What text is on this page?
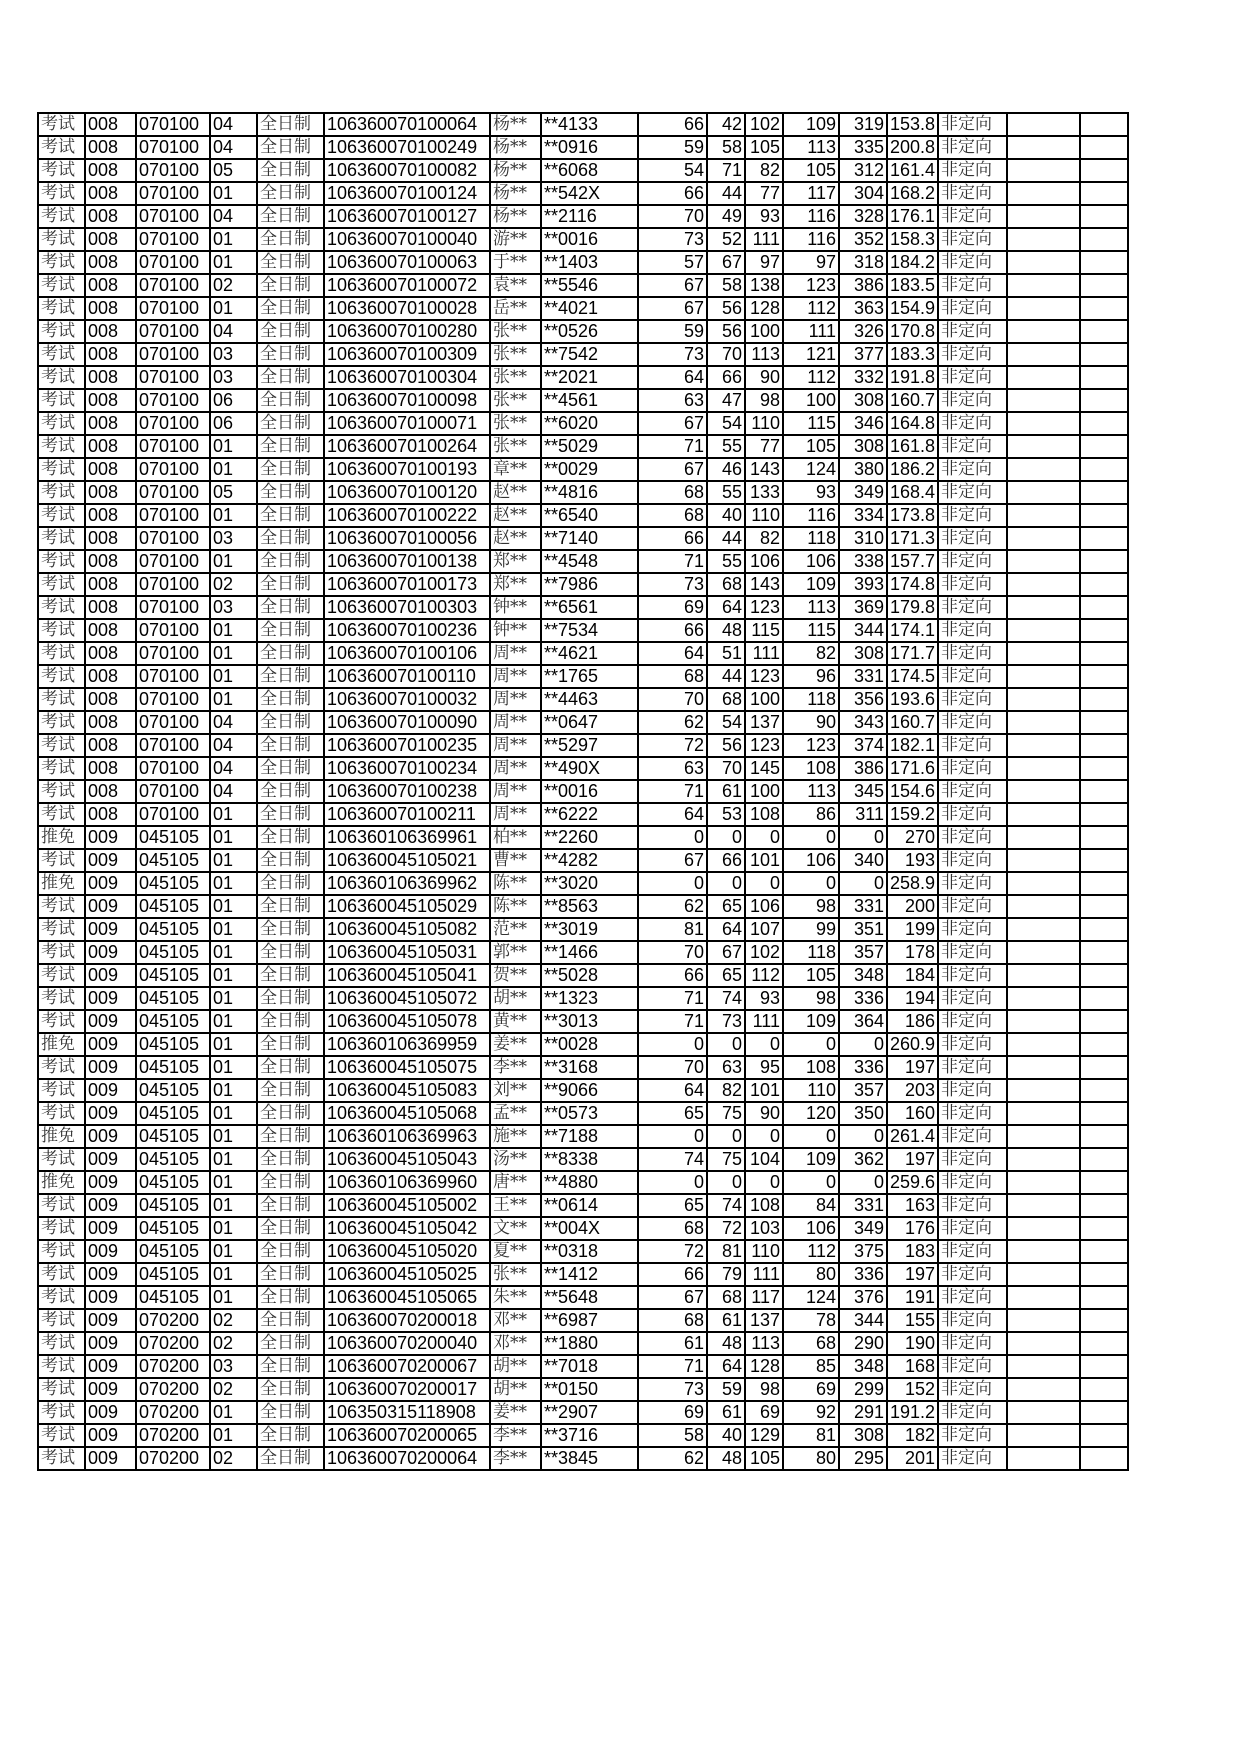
考试	008	070100	04	全日制	106360070100064	杨**	**4133	66	42	102	109	319	153.8	非定向		
考试	008	070100	04	全日制	106360070100249	杨**	**0916	59	58	105	113	335	200.8	非定向		
考试	008	070100	05	全日制	106360070100082	杨**	**6068	54	71	82	105	312	161.4	非定向		
考试	008	070100	01	全日制	106360070100124	杨**	**542X	66	44	77	117	304	168.2	非定向		
考试	008	070100	04	全日制	106360070100127	杨**	**2116	70	49	93	116	328	176.1	非定向		
考试	008	070100	01	全日制	106360070100040	游**	**0016	73	52	111	116	352	158.3	非定向		
考试	008	070100	01	全日制	106360070100063	于**	**1403	57	67	97	97	318	184.2	非定向		
考试	008	070100	02	全日制	106360070100072	袁**	**5546	67	58	138	123	386	183.5	非定向		
考试	008	070100	01	全日制	106360070100028	岳**	**4021	67	56	128	112	363	154.9	非定向		
考试	008	070100	04	全日制	106360070100280	张**	**0526	59	56	100	111	326	170.8	非定向		
考试	008	070100	03	全日制	106360070100309	张**	**7542	73	70	113	121	377	183.3	非定向		
考试	008	070100	03	全日制	106360070100304	张**	**2021	64	66	90	112	332	191.8	非定向		
考试	008	070100	06	全日制	106360070100098	张**	**4561	63	47	98	100	308	160.7	非定向		
考试	008	070100	06	全日制	106360070100071	张**	**6020	67	54	110	115	346	164.8	非定向		
考试	008	070100	01	全日制	106360070100264	张**	**5029	71	55	77	105	308	161.8	非定向		
考试	008	070100	01	全日制	106360070100193	章**	**0029	67	46	143	124	380	186.2	非定向		
考试	008	070100	05	全日制	106360070100120	赵**	**4816	68	55	133	93	349	168.4	非定向		
考试	008	070100	01	全日制	106360070100222	赵**	**6540	68	40	110	116	334	173.8	非定向		
考试	008	070100	03	全日制	106360070100056	赵**	**7140	66	44	82	118	310	171.3	非定向		
考试	008	070100	01	全日制	106360070100138	郑**	**4548	71	55	106	106	338	157.7	非定向		
考试	008	070100	02	全日制	106360070100173	郑**	**7986	73	68	143	109	393	174.8	非定向		
考试	008	070100	03	全日制	106360070100303	钟**	**6561	69	64	123	113	369	179.8	非定向		
考试	008	070100	01	全日制	106360070100236	钟**	**7534	66	48	115	115	344	174.1	非定向		
考试	008	070100	01	全日制	106360070100106	周**	**4621	64	51	111	82	308	171.7	非定向		
考试	008	070100	01	全日制	106360070100110	周**	**1765	68	44	123	96	331	174.5	非定向		
考试	008	070100	01	全日制	106360070100032	周**	**4463	70	68	100	118	356	193.6	非定向		
考试	008	070100	04	全日制	106360070100090	周**	**0647	62	54	137	90	343	160.7	非定向		
考试	008	070100	04	全日制	106360070100235	周**	**5297	72	56	123	123	374	182.1	非定向		
考试	008	070100	04	全日制	106360070100234	周**	**490X	63	70	145	108	386	171.6	非定向		
考试	008	070100	04	全日制	106360070100238	周**	**0016	71	61	100	113	345	154.6	非定向		
考试	008	070100	01	全日制	106360070100211	周**	**6222	64	53	108	86	311	159.2	非定向		
推免	009	045105	01	全日制	106360106369961	柏**	**2260	0	0	0	0	0	270	非定向		
考试	009	045105	01	全日制	106360045105021	曹**	**4282	67	66	101	106	340	193	非定向		
推免	009	045105	01	全日制	106360106369962	陈**	**3020	0	0	0	0	0	258.9	非定向		
考试	009	045105	01	全日制	106360045105029	陈**	**8563	62	65	106	98	331	200	非定向		
考试	009	045105	01	全日制	106360045105082	范**	**3019	81	64	107	99	351	199	非定向		
考试	009	045105	01	全日制	106360045105031	郭**	**1466	70	67	102	118	357	178	非定向		
考试	009	045105	01	全日制	106360045105041	贺**	**5028	66	65	112	105	348	184	非定向		
考试	009	045105	01	全日制	106360045105072	胡**	**1323	71	74	93	98	336	194	非定向		
考试	009	045105	01	全日制	106360045105078	黄**	**3013	71	73	111	109	364	186	非定向		
推免	009	045105	01	全日制	106360106369959	姜**	**0028	0	0	0	0	0	260.9	非定向		
考试	009	045105	01	全日制	106360045105075	李**	**3168	70	63	95	108	336	197	非定向		
考试	009	045105	01	全日制	106360045105083	刘**	**9066	64	82	101	110	357	203	非定向		
考试	009	045105	01	全日制	106360045105068	孟**	**0573	65	75	90	120	350	160	非定向		
推免	009	045105	01	全日制	106360106369963	施**	**7188	0	0	0	0	0	261.4	非定向		
考试	009	045105	01	全日制	106360045105043	汤**	**8338	74	75	104	109	362	197	非定向		
推免	009	045105	01	全日制	106360106369960	唐**	**4880	0	0	0	0	0	259.6	非定向		
考试	009	045105	01	全日制	106360045105002	王**	**0614	65	74	108	84	331	163	非定向		
考试	009	045105	01	全日制	106360045105042	文**	**004X	68	72	103	106	349	176	非定向		
考试	009	045105	01	全日制	106360045105020	夏**	**0318	72	81	110	112	375	183	非定向		
考试	009	045105	01	全日制	106360045105025	张**	**1412	66	79	111	80	336	197	非定向		
考试	009	045105	01	全日制	106360045105065	朱**	**5648	67	68	117	124	376	191	非定向		
考试	009	070200	02	全日制	106360070200018	邓**	**6987	68	61	137	78	344	155	非定向		
考试	009	070200	02	全日制	106360070200040	邓**	**1880	61	48	113	68	290	190	非定向		
考试	009	070200	03	全日制	106360070200067	胡**	**7018	71	64	128	85	348	168	非定向		
考试	009	070200	02	全日制	106360070200017	胡**	**0150	73	59	98	69	299	152	非定向		
考试	009	070200	01	全日制	106350315118908	姜**	**2907	69	61	69	92	291	191.2	非定向		
考试	009	070200	01	全日制	106360070200065	李**	**3716	58	40	129	81	308	182	非定向		
考试	009	070200	02	全日制	106360070200064	李**	**3845	62	48	105	80	295	201	非定向		
